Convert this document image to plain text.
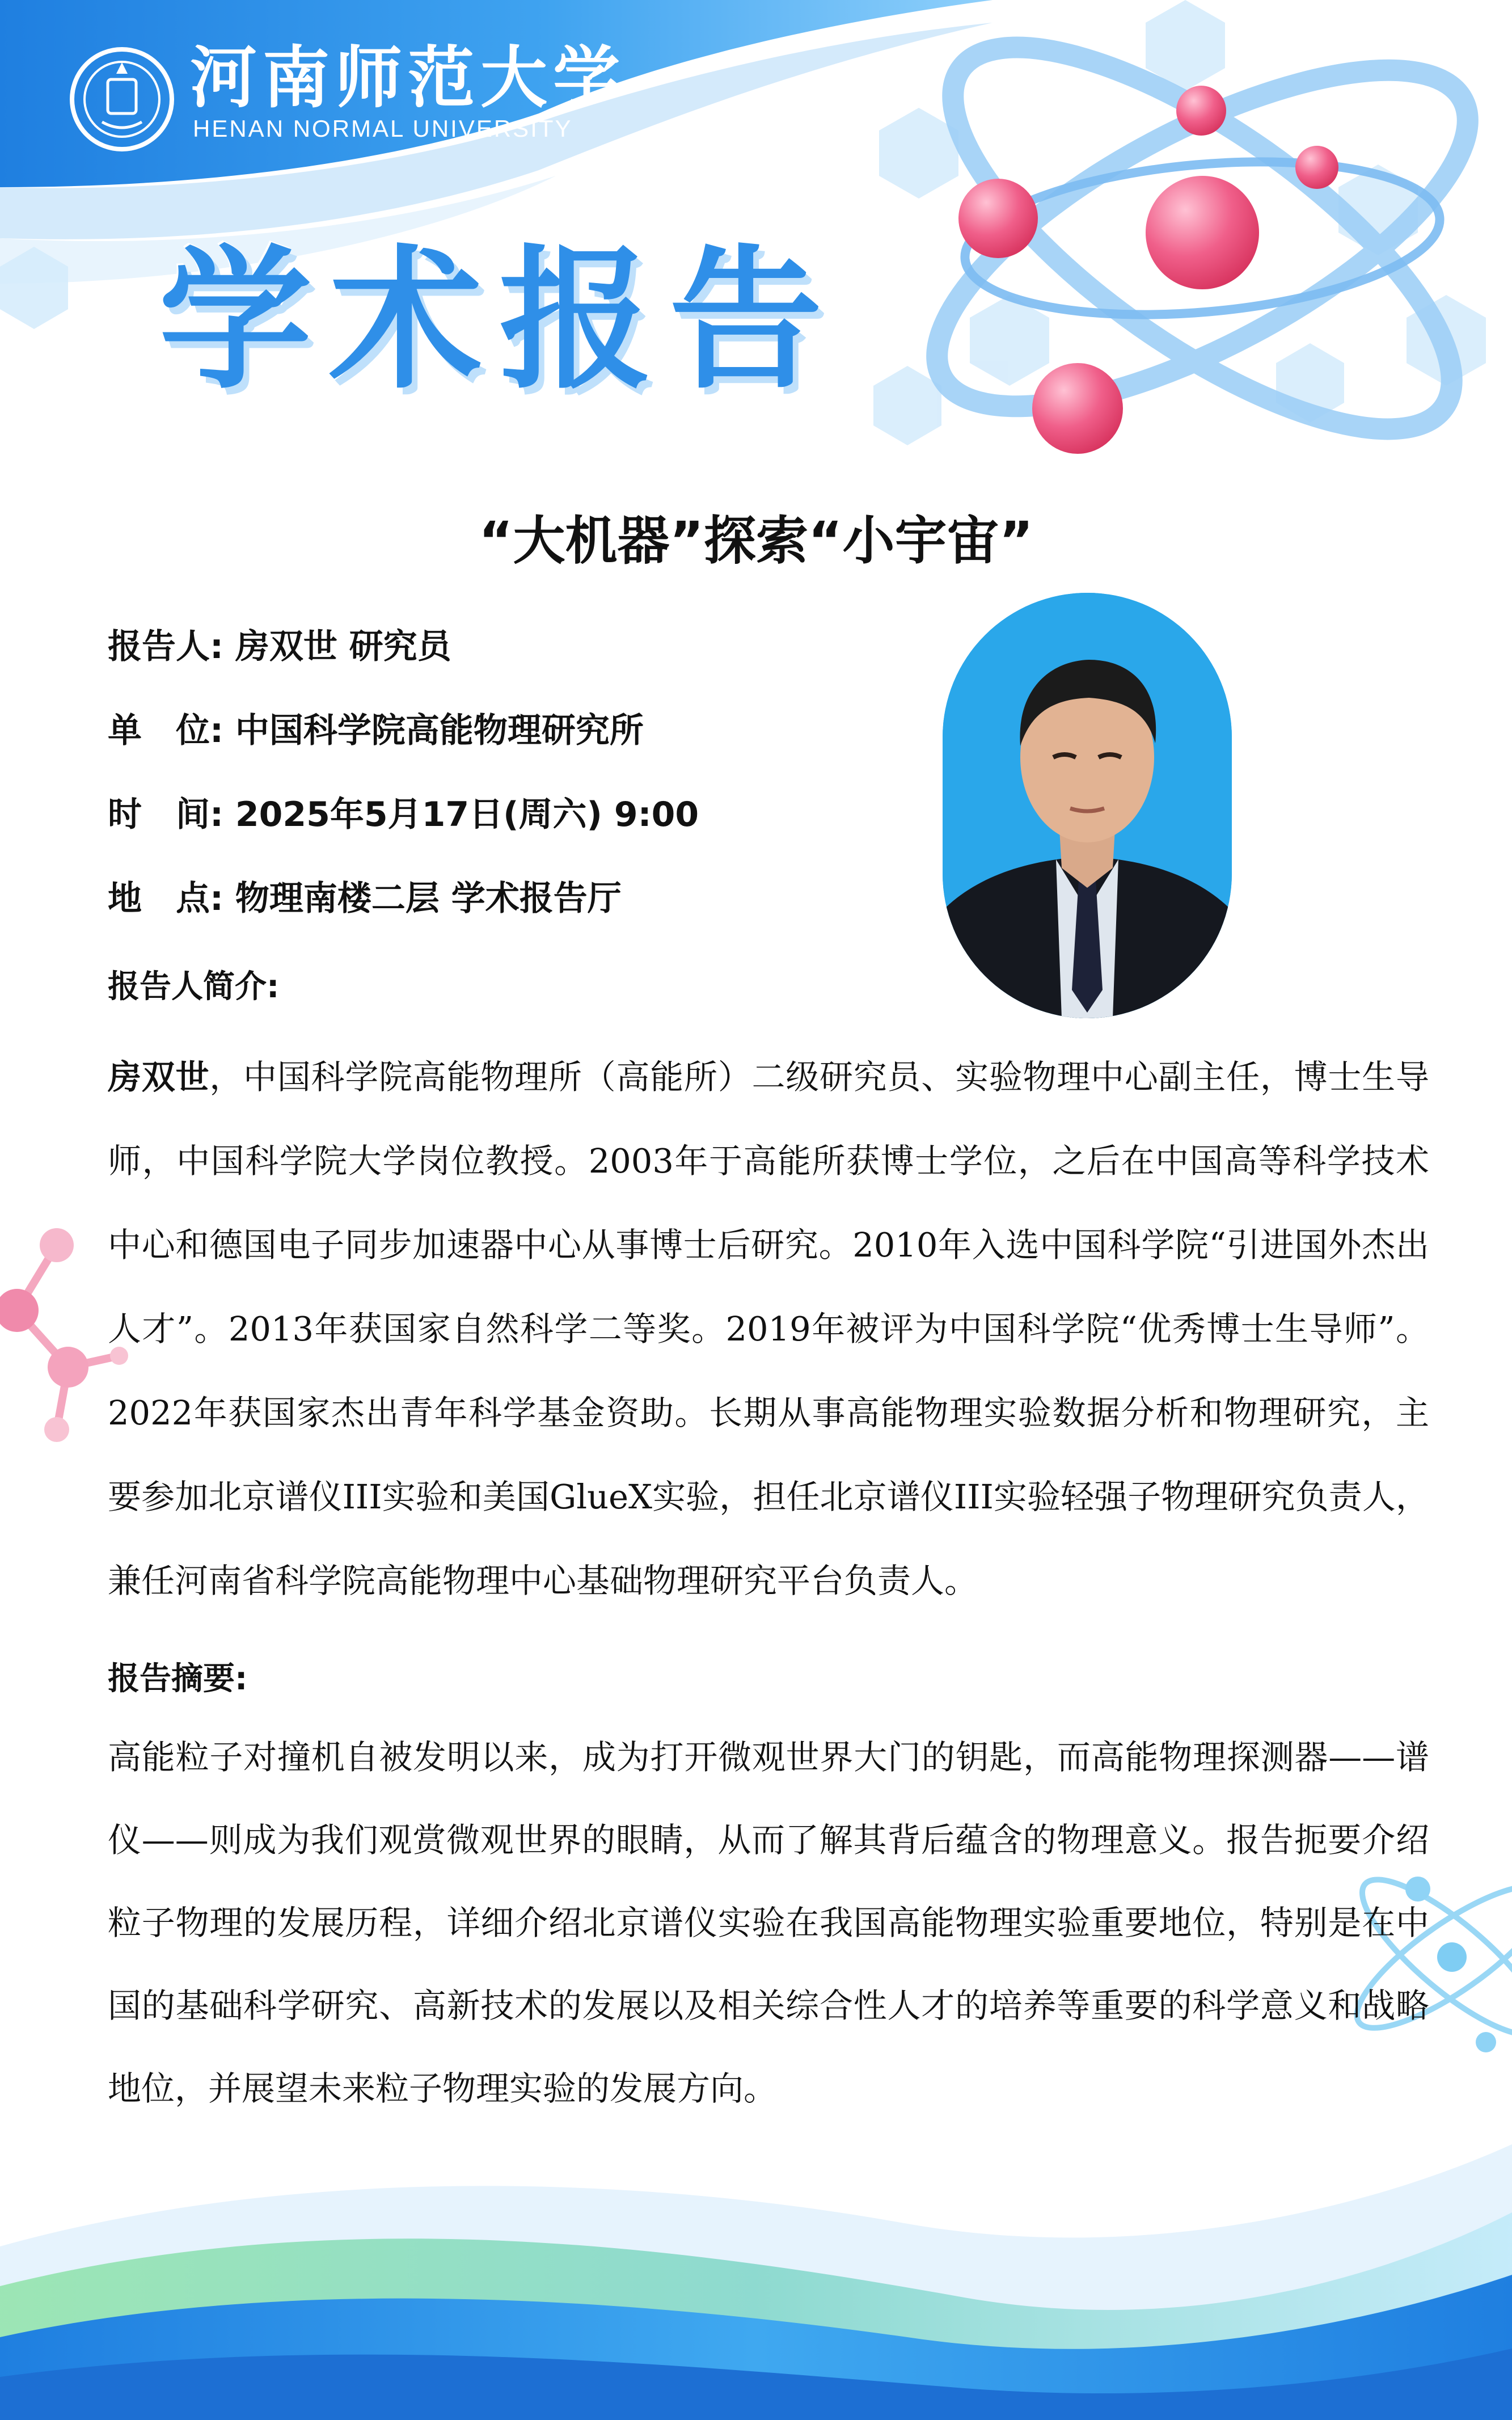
河南师范大学
HENAN NORMAL UNIVERSITY
学术报告
“大机器”探索“小宇宙”
报告人: 房双世 研究员
单　位: 中国科学院高能物理研究所
时　间: 2025年5月17日(周六) 9:00
地　点: 物理南楼二层 学术报告厅
报告人简介:
房双世，中国科学院高能物理所（高能所）二级研究员、实验物理中心副主任，博士生导师，中国科学院大学岗位教授。2003年于高能所获博士学位，之后在中国高等科学技术中心和德国电子同步加速器中心从事博士后研究。2010年入选中国科学院“引进国外杰出人才”。2013年获国家自然科学二等奖。2019年被评为中国科学院“优秀博士生导师”。2022年获国家杰出青年科学基金资助。长期从事高能物理实验数据分析和物理研究，主要参加北京谱仪III实验和美国GlueX实验，担任北京谱仪III实验轻强子物理研究负责人，兼任河南省科学院高能物理中心基础物理研究平台负责人。
报告摘要:
高能粒子对撞机自被发明以来，成为打开微观世界大门的钥匙，而高能物理探测器——谱仪——则成为我们观赏微观世界的眼睛，从而了解其背后蕴含的物理意义。报告扼要介绍粒子物理的发展历程，详细介绍北京谱仪实验在我国高能物理实验重要地位，特别是在中国的基础科学研究、高新技术的发展以及相关综合性人才的培养等重要的科学意义和战略地位，并展望未来粒子物理实验的发展方向。
